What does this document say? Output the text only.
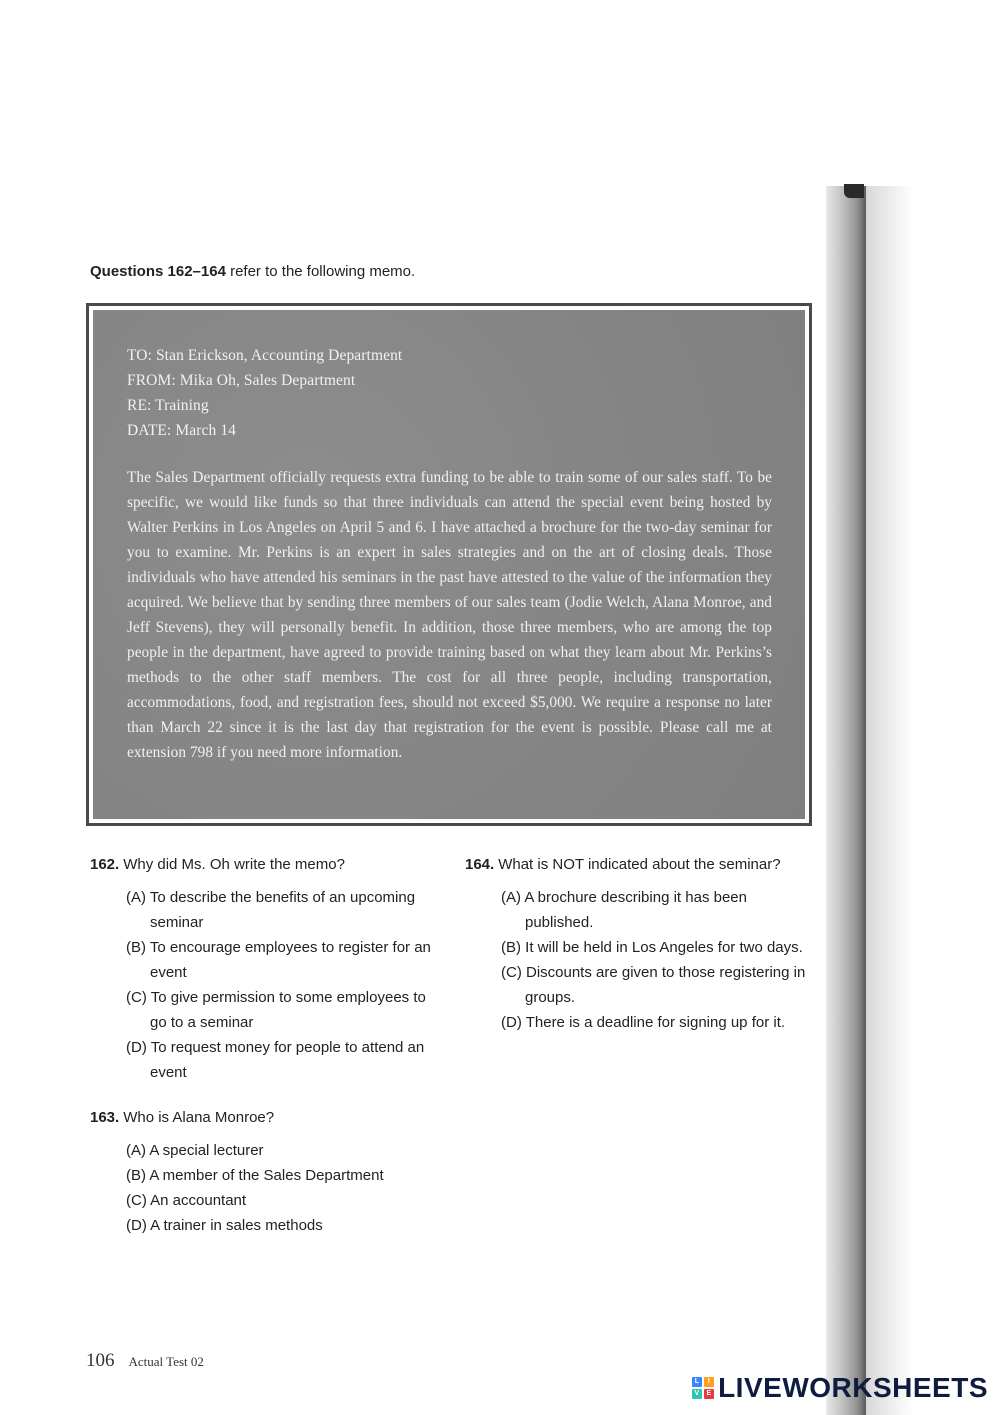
Questions 162–164 refer to the following memo.
TO: Stan Erickson, Accounting Department
FROM: Mika Oh, Sales Department
RE: Training
DATE: March 14
The Sales Department officially requests extra funding to be able to train some of our sales staff. To be specific, we would like funds so that three individuals can attend the special event being hosted by Walter Perkins in Los Angeles on April 5 and 6. I have attached a brochure for the two-day seminar for you to examine. Mr. Perkins is an expert in sales strategies and on the art of closing deals. Those individuals who have attended his seminars in the past have attested to the value of the information they acquired. We believe that by sending three members of our sales team (Jodie Welch, Alana Monroe, and Jeff Stevens), they will personally benefit. In addition, those three members, who are among the top people in the department, have agreed to provide training based on what they learn about Mr. Perkins’s methods to the other staff members. The cost for all three people, including transportation, accommodations, food, and registration fees, should not exceed $5,000. We require a response no later than March 22 since it is the last day that registration for the event is possible. Please call me at extension 798 if you need more information.
162. Why did Ms. Oh write the memo?
(A) To describe the benefits of an upcoming seminar
(B) To encourage employees to register for an event
(C) To give permission to some employees to go to a seminar
(D) To request money for people to attend an event
163. Who is Alana Monroe?
(A) A special lecturer
(B) A member of the Sales Department
(C) An accountant
(D) A trainer in sales methods
164. What is NOT indicated about the seminar?
(A) A brochure describing it has been published.
(B) It will be held in Los Angeles for two days.
(C) Discounts are given to those registering in groups.
(D) There is a deadline for signing up for it.
106 Actual Test 02
L	I
V E LIVEWORKSHEETS
